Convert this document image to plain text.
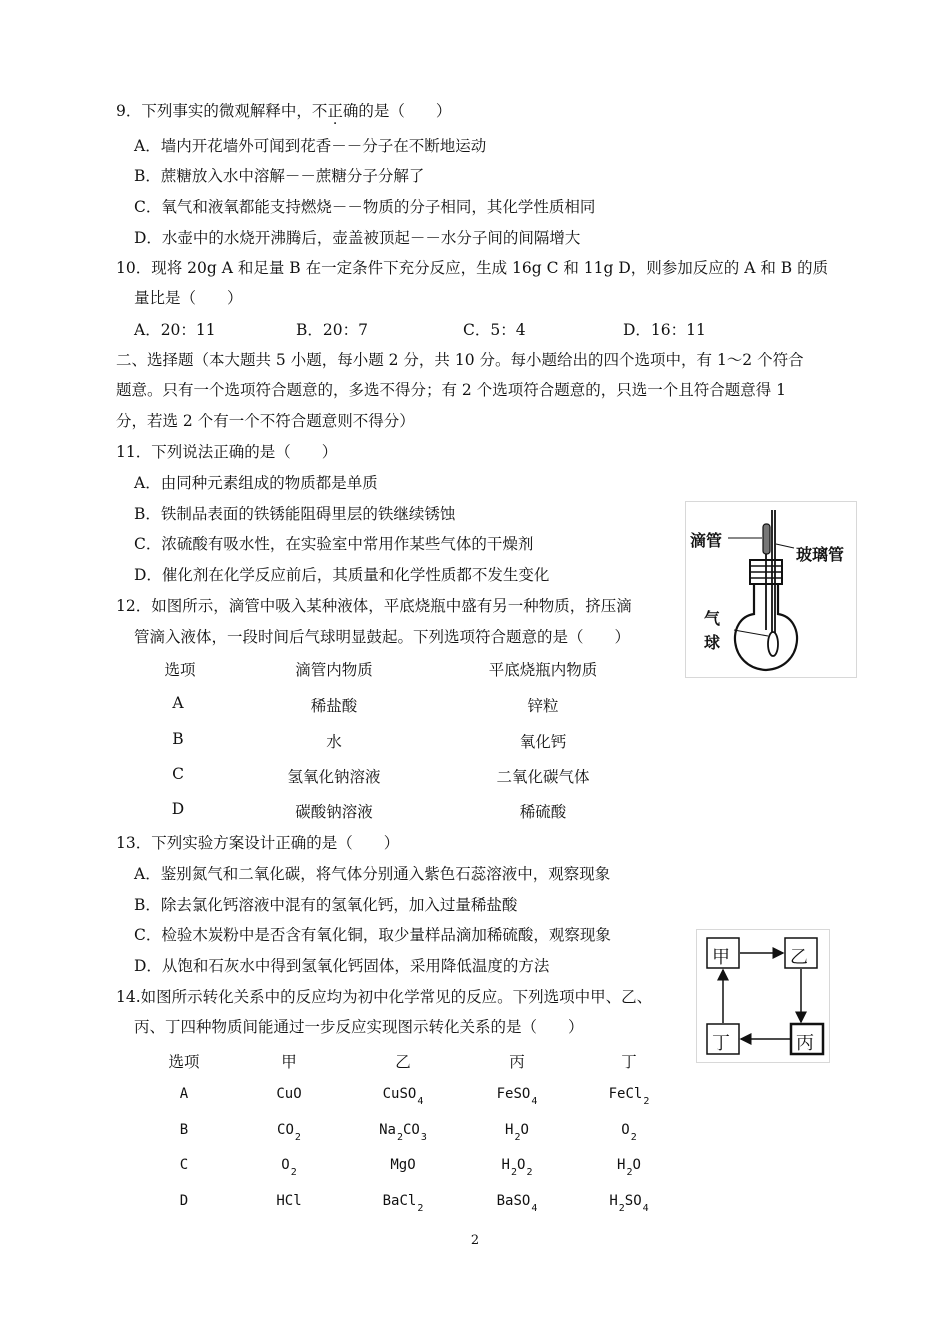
9．下列事实的微观解释中，不正确的是（　　）
A．墙内开花墙外可闻到花香－－分子在不断地运动
B．蔗糖放入水中溶解－－蔗糖分子分解了
C．氧气和液氧都能支持燃烧－－物质的分子相同，其化学性质相同
D．水壶中的水烧开沸腾后，壶盖被顶起－－水分子间的间隔增大
10．现将 20g A 和足量 B 在一定条件下充分反应，生成 16g C 和 11g D，则参加反应的 A 和 B 的质
量比是（　　）
A．20：11	B．20：7	C．5：4	D．16：11
二、选择题（本大题共 5 小题，每小题 2 分，共 10 分。每小题给出的四个选项中，有 1～2 个符合
题意。只有一个选项符合题意的，多选不得分；有 2 个选项符合题意的，只选一个且符合题意得 1
分，若选 2 个有一个不符合题意则不得分）
11．下列说法正确的是（　　）
A．由同种元素组成的物质都是单质
B．铁制品表面的铁锈能阻碍里层的铁继续锈蚀
C．浓硫酸有吸水性，在实验室中常用作某些气体的干燥剂
D．催化剂在化学反应前后，其质量和化学性质都不发生变化
滴管
玻璃管
气
球
12．如图所示，滴管中吸入某种液体，平底烧瓶中盛有另一种物质，挤压滴
管滴入液体，一段时间后气球明显鼓起。下列选项符合题意的是（　　）
选项	滴管内物质	平底烧瓶内物质
A	稀盐酸	锌粒
B	水	氧化钙
C	氢氧化钠溶液	二氧化碳气体
D	碳酸钠溶液	稀硫酸
13．下列实验方案设计正确的是（　　）
A．鉴别氮气和二氧化碳，将气体分别通入紫色石蕊溶液中，观察现象
B．除去氯化钙溶液中混有的氢氧化钙，加入过量稀盐酸
C．检验木炭粉中是否含有氧化铜，取少量样品滴加稀硫酸，观察现象
D．从饱和石灰水中得到氢氧化钙固体，采用降低温度的方法	甲	乙
丙
丁
14.如图所示转化关系中的反应均为初中化学常见的反应。下列选项中甲、乙、
丙、丁四种物质间能通过一步反应实现图示转化关系的是（　　）
选项	甲	乙	丙	丁
A	CuO	CuSO$_4$	FeSO$_4$	FeCl$_2$
B	$CO_2$	$Na_2CO_3$	$H_2O$	$O_2$
C	$O_2$	MgO	$H_2O_2$	$H_2O$
D	HCl	BaCl$_2$	BaSO$_4$	$H_2SO_4$
2
